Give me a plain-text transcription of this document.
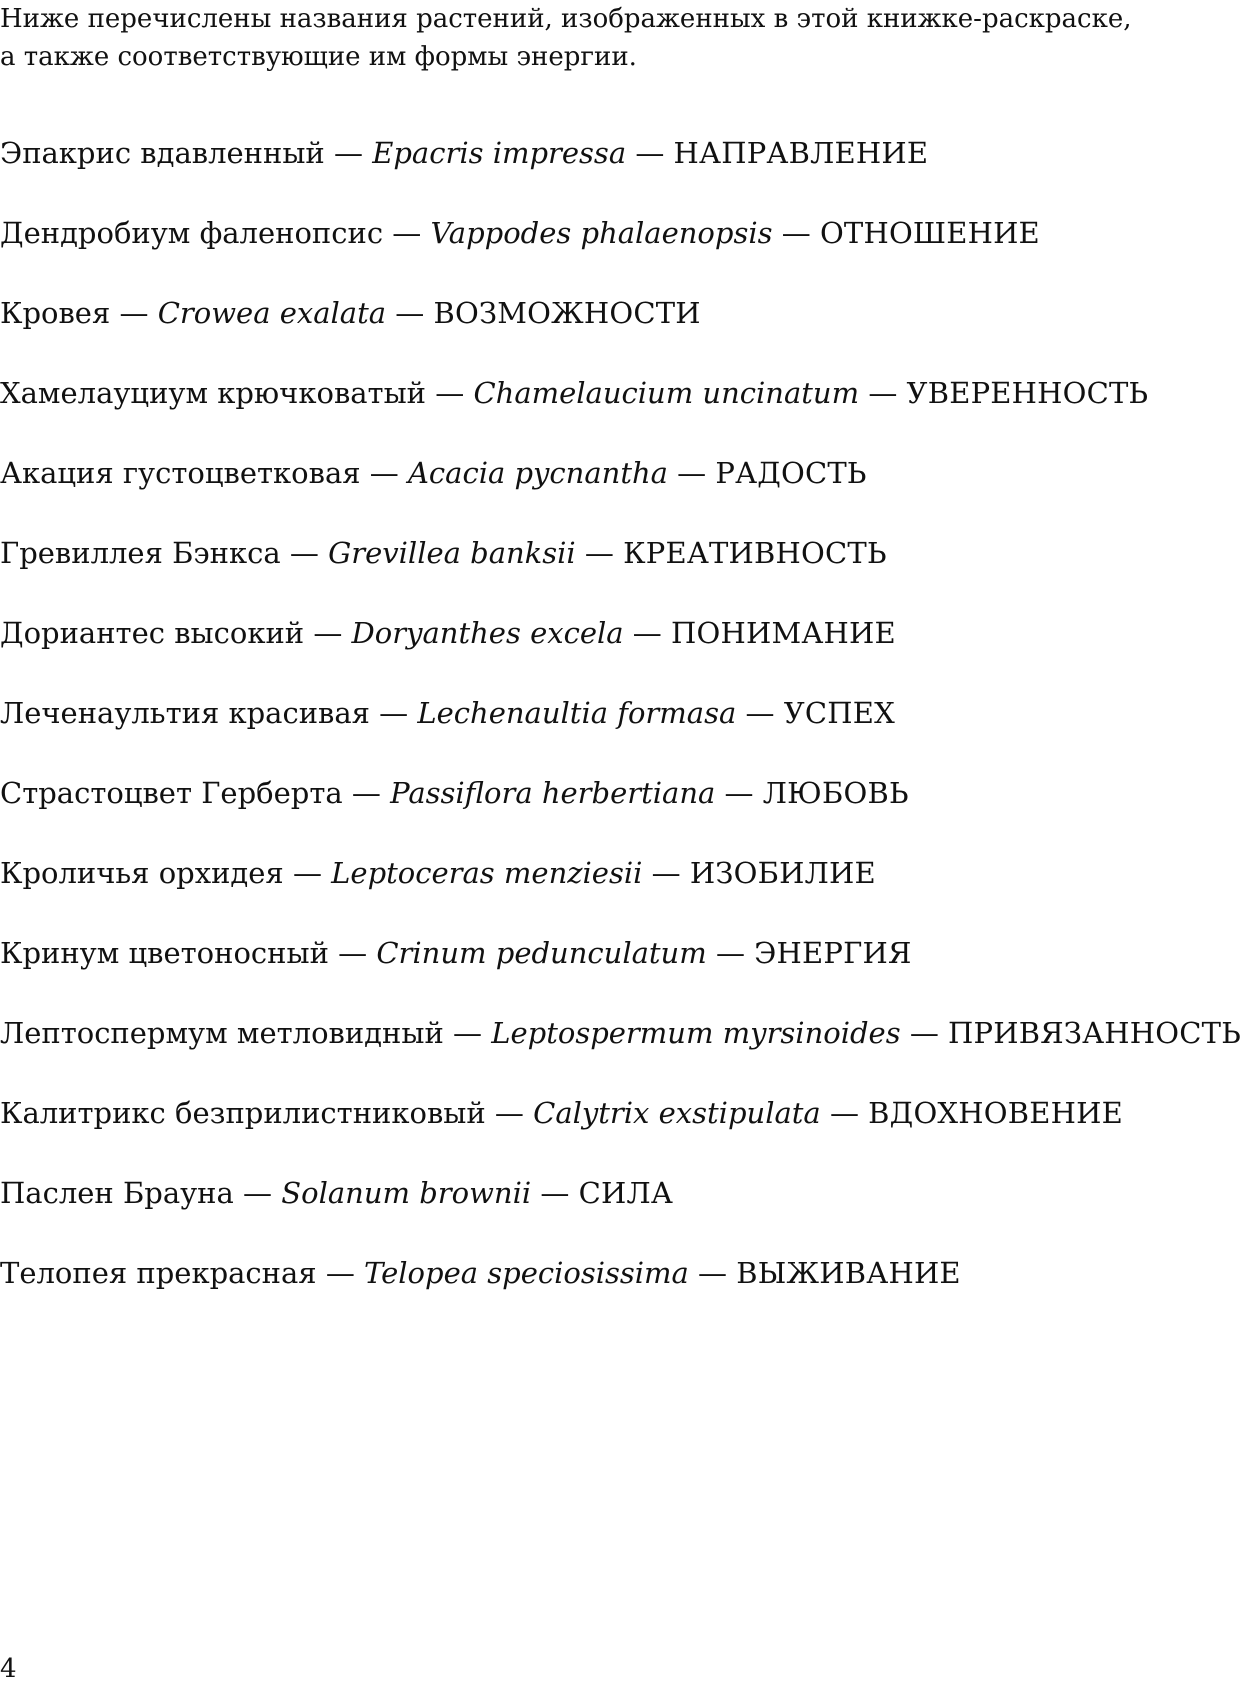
Ниже перечислены названия растений, изображенных в этой книжке-раскраске,
а также соответствующие им формы энергии.

Эпакрис вдавленный — Epacris impressa — НАПРАВЛЕНИЕ
Дендробиум фаленопсис — Vappodes phalaenopsis — ОТНОШЕНИЕ
Кровея — Crowea exalata — ВОЗМОЖНОСТИ
Хамелауциум крючковатый — Chamelaucium uncinatum — УВЕРЕННОСТЬ
Акация густоцветковая — Acacia pycnantha — РАДОСТЬ
Гревиллея Бэнкса — Grevillea banksii — КРЕАТИВНОСТЬ
Дориантес высокий — Doryanthes excela — ПОНИМАНИЕ
Леченаультия красивая — Lechenaultia formasa — УСПЕХ
Страстоцвет Герберта — Passiflora herbertiana — ЛЮБОВЬ
Кроличья орхидея — Leptoceras menziesii — ИЗОБИЛИЕ
Кринум цветоносный — Crinum pedunculatum — ЭНЕРГИЯ
Лептоспермум метловидный — Leptospermum myrsinoides — ПРИВЯЗАННОСТЬ
Калитрикс безприлистниковый — Calytrix exstipulata — ВДОХНОВЕНИЕ
Паслен Брауна — Solanum brownii — СИЛА
Телопея прекрасная — Telopea speciosissima — ВЫЖИВАНИЕ
4
